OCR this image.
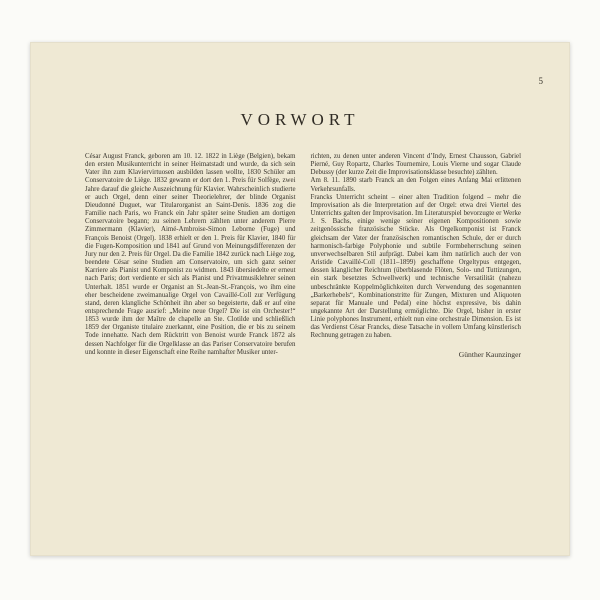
5
VORWORT

César August Franck, geboren am 10. 12. 1822 in Liège (Belgien), bekam den ersten Musikunterricht in seiner Heimatstadt und wurde, da sich sein Vater ihn zum Klaviervirtuosen ausbilden lassen wollte, 1830 Schüler am Conservatoire de Liège. 1832 gewann er dort den 1. Preis für Solfège, zwei Jahre darauf die gleiche Auszeichnung für Klavier. Wahrscheinlich studierte er auch Orgel, denn einer seiner Theorielehrer, der blinde Organist Dieudonné Duguet, war Titularorganist an Saint-Denis. 1836 zog die Familie nach Paris, wo Franck ein Jahr später seine Studien am dortigen Conservatoire begann; zu seinen Lehrern zählten unter anderem Pierre Zimmermann (Klavier), Aimé-Ambroise-Simon Leborne (Fuge) und François Benoist (Orgel). 1838 erhielt er den 1. Preis für Klavier, 1840 für die Fugen-Komposition und 1841 auf Grund von Meinungsdifferenzen der Jury nur den 2. Preis für Orgel. Da die Familie 1842 zurück nach Liège zog, beendete César seine Studien am Conservatoire, um sich ganz seiner Karriere als Pianist und Komponist zu widmen. 1843 übersiedelte er erneut nach Paris; dort verdiente er sich als Pianist und Privatmusiklehrer seinen Unterhalt. 1851 wurde er Organist an St.-Jean-St.-François, wo ihm eine eher bescheidene zweimanualige Orgel von Cavaillé-Coll zur Verfügung stand, deren klangliche Schönheit ihn aber so begeisterte, daß er auf eine entsprechende Frage ausrief: „Meine neue Orgel? Die ist ein Orchester!“ 1853 wurde ihm der Maître de chapelle an Ste. Clotilde und schließlich 1859 der Organiste titulaire zuerkannt, eine Position, die er bis zu seinem Tode innehatte. Nach dem Rücktritt von Benoist wurde Franck 1872 als dessen Nachfolger für die Orgelklasse an das Pariser Conservatoire berufen und konnte in dieser Eigenschaft eine Reihe namhafter Musiker unter-

richten, zu denen unter anderen Vincent d’Indy, Ernest Chausson, Gabriel Pierné, Guy Ropartz, Charles Tournemire, Louis Vierne und sogar Claude Debussy (der kurze Zeit die Improvisationsklasse besuchte) zählten.

Am 8. 11. 1890 starb Franck an den Folgen eines Anfang Mai erlittenen Verkehrsunfalls.

Francks Unterricht scheint – einer alten Tradition folgend – mehr die Improvisation als die Interpretation auf der Orgel: etwa drei Viertel des Unterrichts galten der Improvisation. Im Literaturspiel bevorzugte er Werke J. S. Bachs, einige wenige seiner eigenen Kompositionen sowie zeitgenössische französische Stücke. Als Orgelkomponist ist Franck gleichsam der Vater der französischen romantischen Schule, der er durch harmonisch-farbige Polyphonie und subtile Formbeherrschung seinen unverwechselbaren Stil aufprägt. Dabei kam ihm natürlich auch der von Aristide Cavaillé-Coll (1811–1899) geschaffene Orgeltypus entgegen, dessen klanglicher Reichtum (überblasende Flöten, Solo- und Tuttizungen, ein stark besetztes Schwellwerk) und technische Versatilität (nahezu unbeschränkte Koppelmöglichkeiten durch Verwendung des sogenannten „Barkerhebels“, Kombinationstritte für Zungen, Mixturen und Aliquoten separat für Manuale und Pedal) eine höchst expressive, bis dahin ungekannte Art der Darstellung ermöglichte. Die Orgel, bisher in erster Linie polyphones Instrument, erhielt nun eine orchestrale Dimension. Es ist das Verdienst César Francks, diese Tatsache in vollem Umfang künstlerisch Rechnung getragen zu haben.

Günther Kaunzinger
